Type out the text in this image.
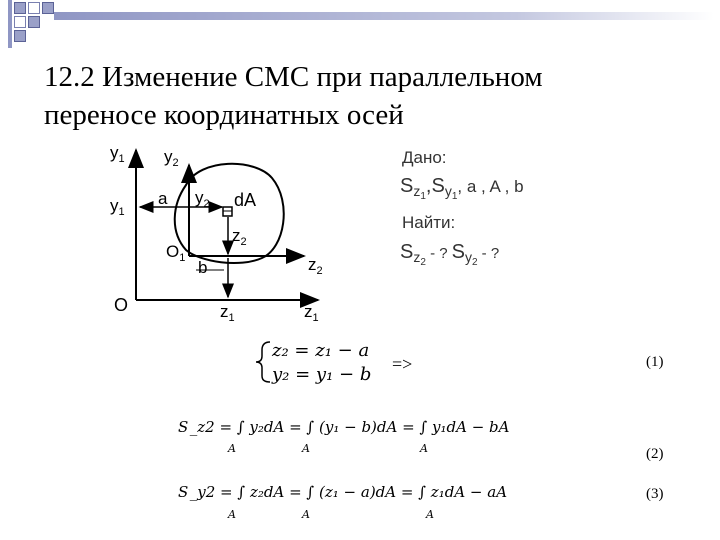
12.2 Изменение СМС при параллельном
переносе координатных осей
$y_1$ $y_2$
$y_1$
a $y_2$ dA
$z_2$
$O_1$ b	$z_2$
O	$z_1$	$z_1$
Дано:
$S_z1,S_y1^{, a , A , b}$
Найти:
$S_z2$ - ? $S_y2$ - ?
z₂ = z₁ − a
y₂ = y₁ − b =>
S _z2 = ∫ y₂dA = ∫ (y₁ − b)dA = ∫ y₁dA − bA
S _y2 = ∫ z₂dA = ∫ (z₁ − a)dA = ∫ z₁dA − aA
A	A	A
A	A	A
(1)
(2)
(3)
